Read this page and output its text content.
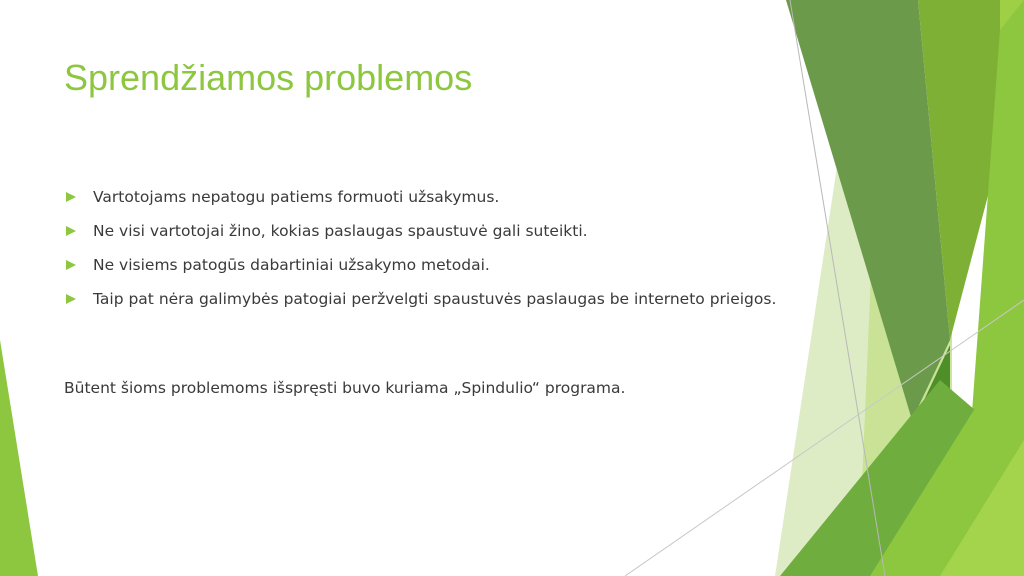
Sprendžiamos problemos
Vartotojams nepatogu patiems formuoti užsakymus.
Ne visi vartotojai žino, kokias paslaugas spaustuvė gali suteikti.
Ne visiems patogūs dabartiniai užsakymo metodai.
Taip pat nėra galimybės patogiai peržvelgti spaustuvės paslaugas be interneto prieigos.

Būtent šioms problemoms išspręsti buvo kuriama „Spindulio“ programa.
